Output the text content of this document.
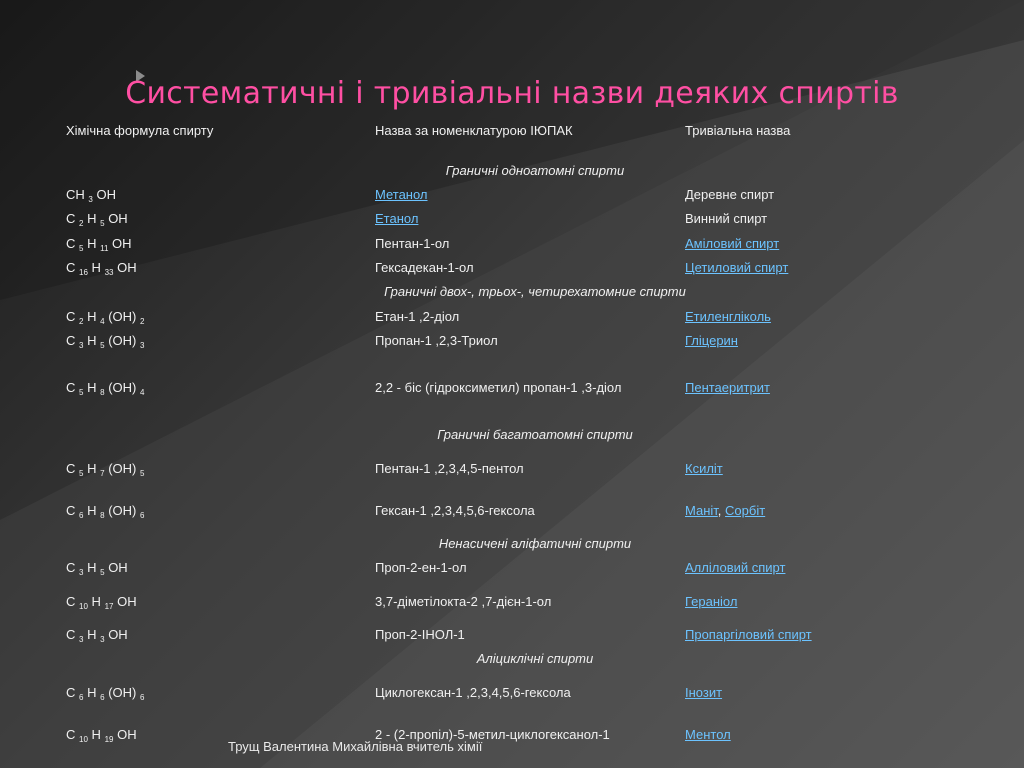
Систематичні і тривіальні назви деяких спиртів
Хімічна формула спирту	Назва за номенклатурою ІЮПАК	Тривіальна назва
Граничні одноатомні спирти
CH $_3$ OH	Метанол	Деревне спирт
C $_2$ H $_5$ OH	Етанол	Винний спирт
C $_5$ H $_{11}$ OH	Пентан-1-ол	Аміловий спирт
C $_{16}$ H $_{33}$ OH	Гексадекан-1-ол	Цетиловий спирт
Граничні двох-, трьох-, четирехатомние спирти
C $_2$ H $_4$ (OH) $_2$	Етан-1 ,2-діол	Етиленгліколь
C $_3$ H $_5$ (OH) $_3$	Пропан-1 ,2,3-Триол	Гліцерин
C $_5$ H $_8$ (OH) $_4$	2,2 - біс (гідроксиметил) пропан-1 ,3-діол	Пентаеритрит
Граничні багатоатомні спирти
C $_5$ H $_7$ (OH) $_5$	Пентан-1 ,2,3,4,5-пентол	Ксиліт
C $_6$ H $_8$ (OH) $_6$	Гексан-1 ,2,3,4,5,6-гексола	Маніт, Сорбіт
Ненасичені аліфатичні спирти
C $_3$ H $_5$ OH	Проп-2-ен-1-ол	Алліловий спирт
C $_{10}$ H $_{17}$ OH	3,7-діметілокта-2 ,7-дієн-1-ол	Геранiол
C $_3$ H $_3$ OH	Проп-2-ІНОЛ-1	Пропаргіловий спирт
Аліциклічні спирти
C $_6$ H $_6$ (OH) $_6$	Циклогексан-1 ,2,3,4,5,6-гексола	Інозит
C $_{10}$ H $_{19}$ OH	2 - (2-пропіл)-5-метил-циклогексанол-1	Ментол
Трущ Валентина Михайлівна вчитель хімії
